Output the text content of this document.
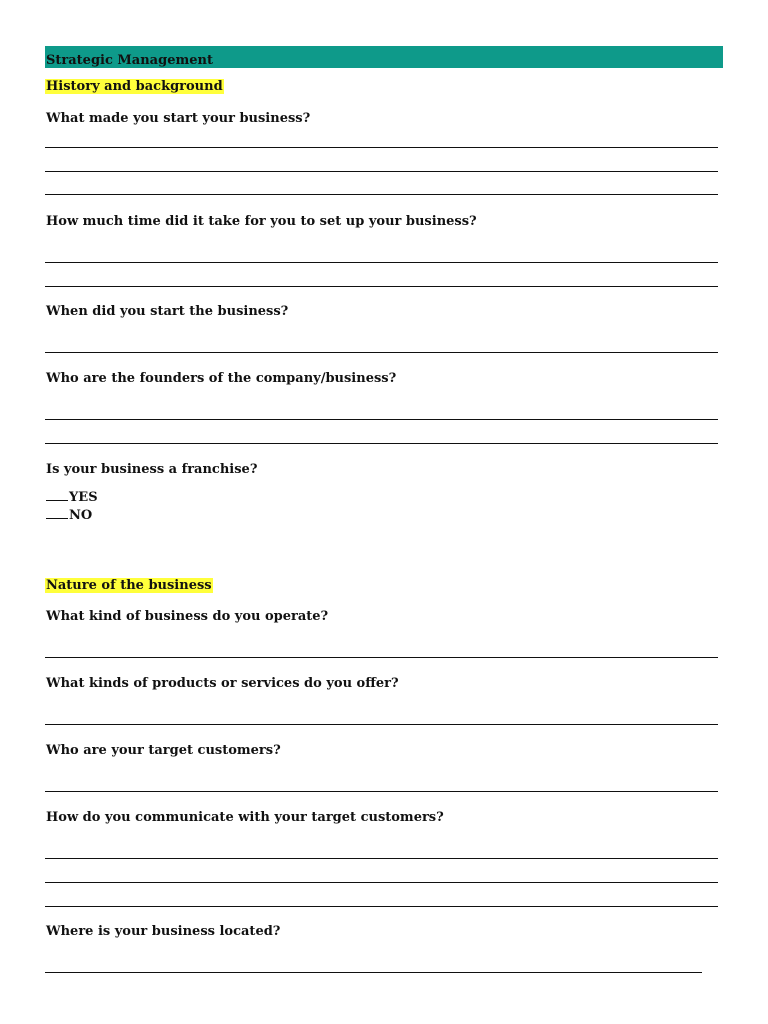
Strategic Management
History and background
What made you start your business?
How much time did it take for you to set up your business?
When did you start the business?
Who are the founders of the company/business?
Is your business a franchise?
YES
NO
Nature of the business
What kind of business do you operate?
What kinds of products or services do you offer?
Who are your target customers?
How do you communicate with your target customers?
Where is your business located?
